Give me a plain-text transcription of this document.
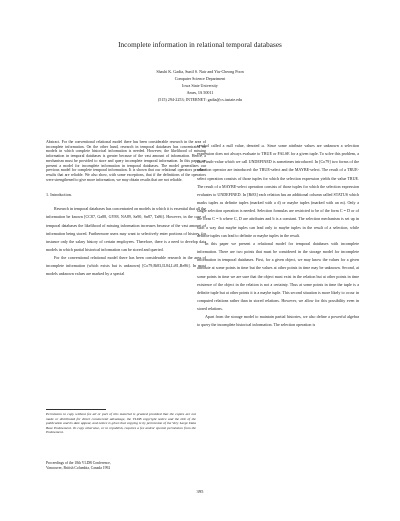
Incomplete information in relational temporal databases
Shashi K. Gadia, Sunil S. Nair and Yiu-Cheong Poon
Computer Science Department
Iowa State University
Ames, IA 50011
(515) 294-2253; INTERNET: gadia@cs.iastate.edu

Abstract. For the conventional relational model there has been considerable research in the area of incomplete information. On the other hand, research in temporal databases has concentrated on models in which complete historical information is needed. However, the likelihood of missing information in temporal databases is greater because of the vast amount of information. Hence, a mechanism must be provided to store and query incomplete temporal information. In this paper we present a model for incomplete information in temporal databases. The model generalizes our previous model for complete temporal information. It is shown that our relational operators produce results that are reliable. We also show, with some exceptions, that if the definitions of the operators were strengthened to give more information, we may obtain results that are not reliable.

1. Introduction.

Research in temporal databases has concentrated on models in which it is essential that all the information be known [CC87, Ga88, GY88, NA89, Sa90, Sn87, Ta86]. However, in the case of temporal databases the likelihood of missing information increases because of the vast amount of information being stored. Furthermore users may want to selectively enter portions of history, for instance only the salary history of certain employees. Therefore, there is a need to develop data models in which partial historical information can be stored and queried.

For the conventional relational model there has been considerable research in the area of incomplete information (which exists but is unknown) [Co79,Bi83,IL84,Li81,Re86]. In most models unknown values are marked by a special

symbol called a null value, denoted ω. Since some attribute values are unknown a selection expression does not always evaluate to TRUE or FALSE for a given tuple. To solve this problem, a third truth-value which we call UNDEFINED is sometimes introduced. In [Co79] two forms of the selection operator are introduced: the TRUE-select and the MAYBE-select. The result of a TRUE-select operation consists of those tuples for which the selection expression yields the value TRUE. The result of a MAYBE-select operation consists of those tuples for which the selection expression evaluates to UNDEFINED. In [Bi83] each relation has an additional column called STATUS which marks tuples as definite tuples (marked with a d) or maybe tuples (marked with an m). Only a single selection operation is needed. Selection formulas are restricted to be of the form C = D or of the form C = b where C, D are attributes and b is a constant. The selection mechanism is set up in such a way that maybe tuples can lead only to maybe tuples in the result of a selection, while definite tuples can lead to definite or maybe tuples in the result.

In this paper we present a relational model for temporal databases with incomplete information. There are two points that must be considered in the storage model for incomplete information in temporal databases. First, for a given object, we may know the values for a given attribute at some points in time but the values at other points in time may be unknown. Second, at some points in time we are sure that the object must exist in the relation but at other points in time existence of the object in the relation is not a certainty. Thus at some points in time the tuple is a definite tuple but at other points it is a maybe tuple. This second situation is more likely to occur in computed relations rather than in stored relations. However, we allow for this possibility even in stored relations.

Apart from the storage model to maintain partial histories, we also define a powerful algebra to query the incomplete historical information. The selection operation is

Permission to copy without fee all or part of this material is granted provided that the copies are not made or distributed for direct commercial advantage, the VLDB copyright notice and the title of the publication and its date appear, and notice is given that copying is by permission of the Very Large Data Base Endowment. To copy otherwise, or to republish, requires a fee and/or special permission from the Endowment.
Proceedings of the 18th VLDB Conference,
Vancouver, British Columbia, Canada 1992
395
